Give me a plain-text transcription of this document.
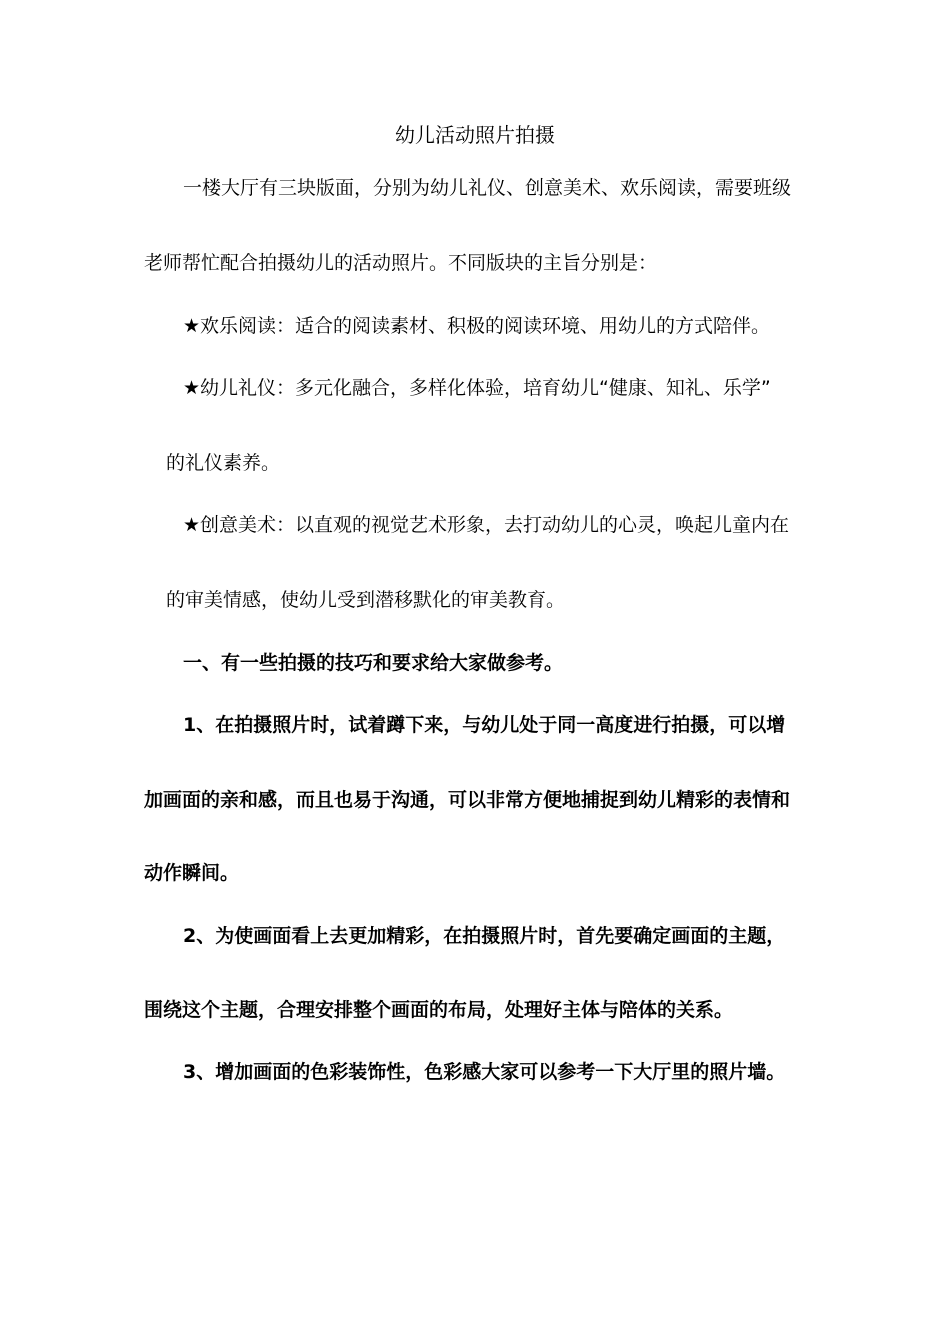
幼儿活动照片拍摄
一楼大厅有三块版面，分别为幼儿礼仪、创意美术、欢乐阅读，需要班级
老师帮忙配合拍摄幼儿的活动照片。不同版块的主旨分别是：
★欢乐阅读：适合的阅读素材、积极的阅读环境、用幼儿的方式陪伴。
★幼儿礼仪：多元化融合，多样化体验，培育幼儿“健康、知礼、乐学”
的礼仪素养。
★创意美术：以直观的视觉艺术形象，去打动幼儿的心灵，唤起儿童内在
的审美情感，使幼儿受到潜移默化的审美教育。
一、有一些拍摄的技巧和要求给大家做参考。
1、在拍摄照片时，试着蹲下来，与幼儿处于同一高度进行拍摄，可以增
加画面的亲和感，而且也易于沟通，可以非常方便地捕捉到幼儿精彩的表情和
动作瞬间。
2、为使画面看上去更加精彩，在拍摄照片时，首先要确定画面的主题，
围绕这个主题，合理安排整个画面的布局，处理好主体与陪体的关系。
3、增加画面的色彩装饰性，色彩感大家可以参考一下大厅里的照片墙。
